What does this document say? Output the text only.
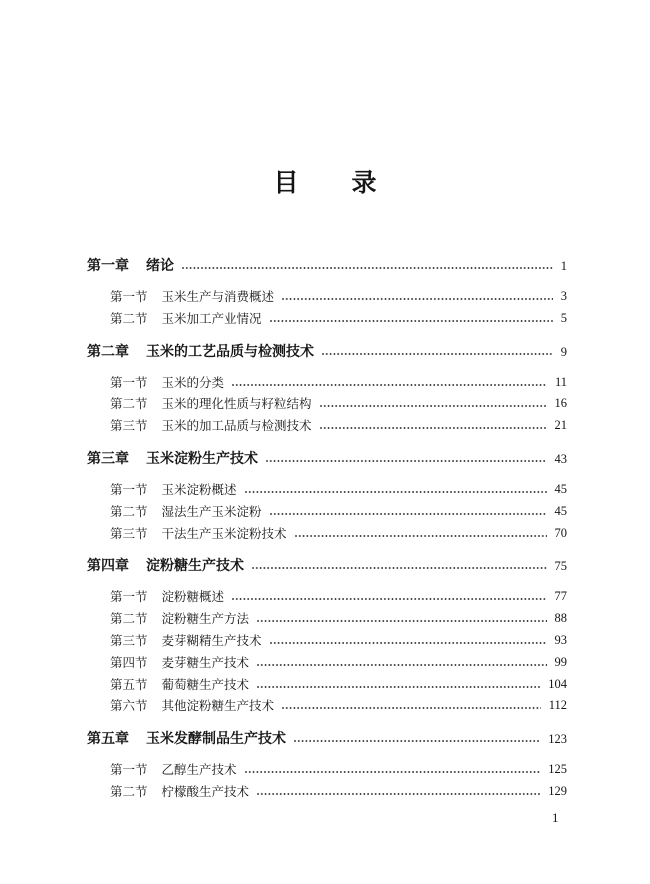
目　录
第一章 绪论	1
第一节 玉米生产与消费概述	3
第二节 玉米加工产业情况	5
第二章 玉米的工艺品质与检测技术	9
第一节 玉米的分类	11
第二节 玉米的理化性质与籽粒结构	16
第三节 玉米的加工品质与检测技术	21
第三章 玉米淀粉生产技术	43
第一节 玉米淀粉概述	45
第二节 湿法生产玉米淀粉	45
第三节 干法生产玉米淀粉技术	70
第四章 淀粉糖生产技术	75
第一节 淀粉糖概述	77
第二节 淀粉糖生产方法	88
第三节 麦芽糊精生产技术	93
第四节 麦芽糖生产技术	99
第五节 葡萄糖生产技术	104
第六节 其他淀粉糖生产技术	112
第五章 玉米发酵制品生产技术	123
第一节 乙醇生产技术	125
第二节 柠檬酸生产技术	129
1
